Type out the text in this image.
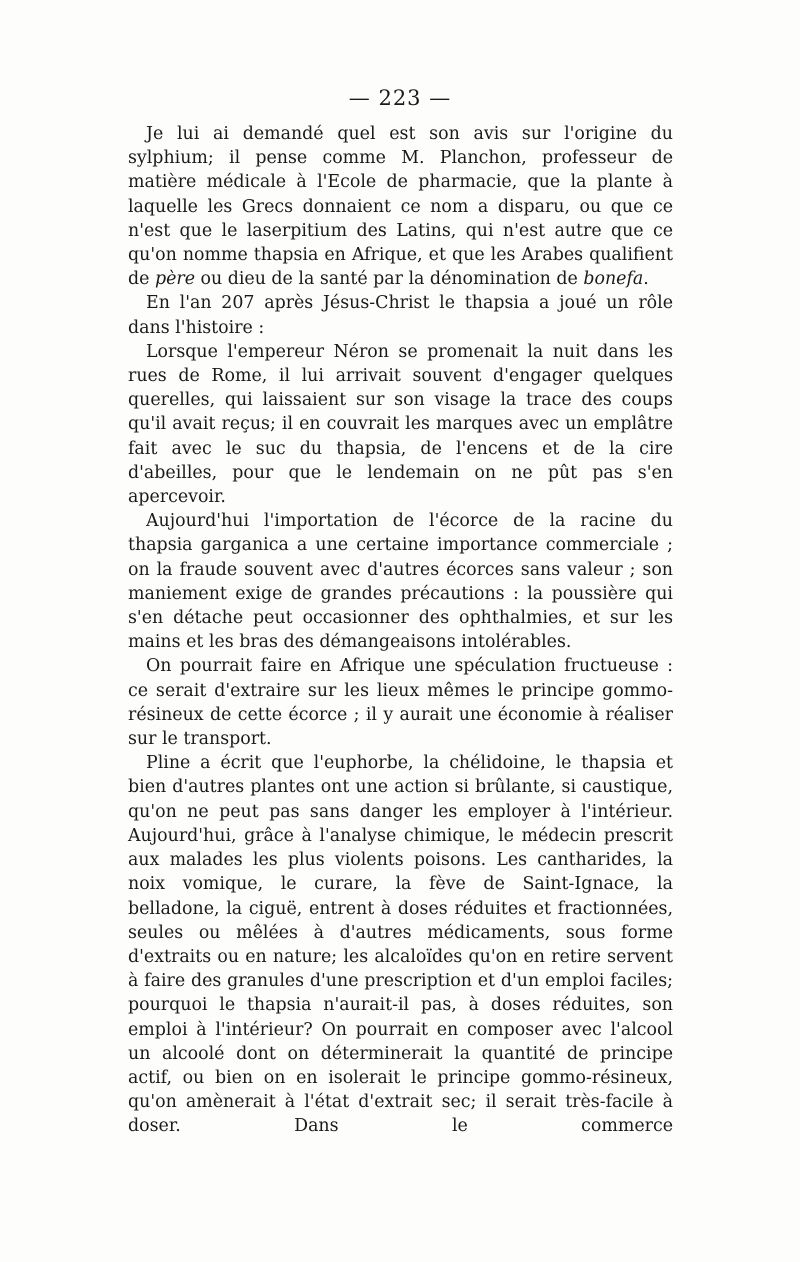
— 223 —

Je lui ai demandé quel est son avis sur l'origine du sylphium; il pense comme M. Planchon, professeur de matière médicale à l'Ecole de pharmacie, que la plante à laquelle les Grecs donnaient ce nom a disparu, ou que ce n'est que le laserpitium des Latins, qui n'est autre que ce qu'on nomme thapsia en Afrique, et que les Arabes qualifient de père ou dieu de la santé par la dénomination de bonefa.

En l'an 207 après Jésus-Christ le thapsia a joué un rôle dans l'histoire :

Lorsque l'empereur Néron se promenait la nuit dans les rues de Rome, il lui arrivait souvent d'engager quelques querelles, qui laissaient sur son visage la trace des coups qu'il avait reçus; il en couvrait les marques avec un emplâtre fait avec le suc du thapsia, de l'encens et de la cire d'abeilles, pour que le lendemain on ne pût pas s'en apercevoir.

Aujourd'hui l'importation de l'écorce de la racine du thapsia garganica a une certaine importance commerciale ; on la fraude souvent avec d'autres écorces sans valeur ; son maniement exige de grandes précautions : la poussière qui s'en détache peut occasionner des ophthalmies, et sur les mains et les bras des démangeaisons intolérables.

On pourrait faire en Afrique une spéculation fructueuse : ce serait d'extraire sur les lieux mêmes le principe gommo-résineux de cette écorce ; il y aurait une économie à réaliser sur le transport.

Pline a écrit que l'euphorbe, la chélidoine, le thapsia et bien d'autres plantes ont une action si brûlante, si caustique, qu'on ne peut pas sans danger les employer à l'intérieur. Aujourd'hui, grâce à l'analyse chimique, le médecin prescrit aux malades les plus violents poisons. Les cantharides, la noix vomique, le curare, la fève de Saint-Ignace, la belladone, la ciguë, entrent à doses réduites et fractionnées, seules ou mêlées à d'autres médicaments, sous forme d'extraits ou en nature; les alcaloïdes qu'on en retire servent à faire des granules d'une prescription et d'un emploi faciles; pourquoi le thapsia n'aurait-il pas, à doses réduites, son emploi à l'intérieur? On pourrait en composer avec l'alcool un alcoolé dont on déterminerait la quantité de principe actif, ou bien on en isolerait le principe gommo-résineux, qu'on amènerait à l'état d'extrait sec; il serait très-facile à doser. Dans le commerce
